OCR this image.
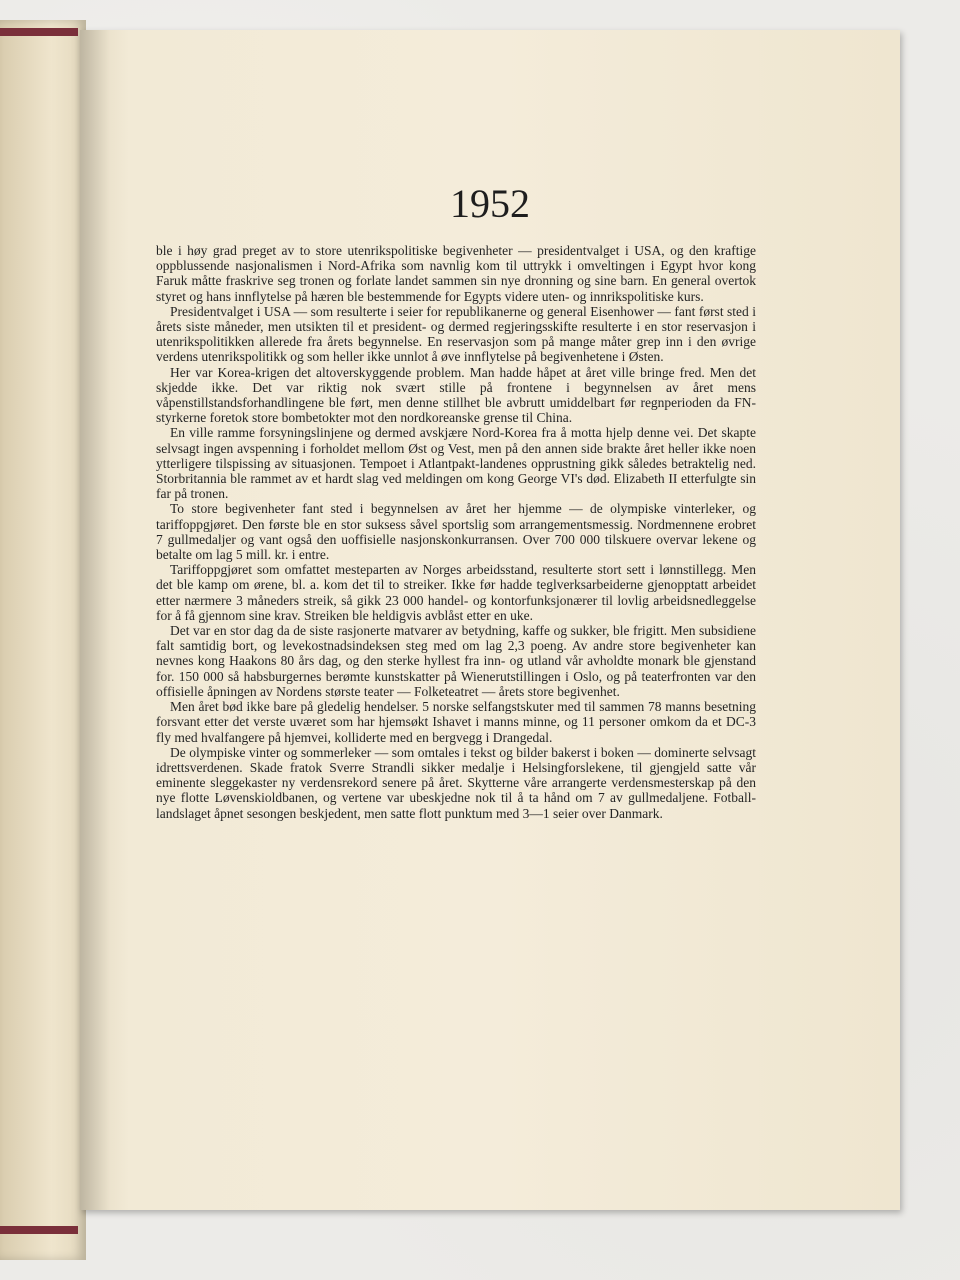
1952

ble i høy grad preget av to store utenrikspolitiske begivenheter — presidentvalget i USA, og den kraftige oppblussende nasjonalismen i Nord-Afrika som navnlig kom til uttrykk i omveltingen i Egypt hvor kong Faruk måtte fraskrive seg tronen og forlate landet sammen sin nye dronning og sine barn. En general overtok styret og hans innflytelse på hæren ble bestemmende for Egypts videre uten- og innrikspolitiske kurs.

Presidentvalget i USA — som resulterte i seier for republikanerne og general Eisenhower — fant først sted i årets siste måneder, men utsikten til et president- og dermed regjeringsskifte resulterte i en stor reservasjon i utenrikspolitikken allerede fra årets begynnelse. En reservasjon som på mange måter grep inn i den øvrige verdens utenrikspolitikk og som heller ikke unnlot å øve innflytelse på begivenhetene i Østen.

Her var Korea-krigen det altoverskyggende problem. Man hadde håpet at året ville bringe fred. Men det skjedde ikke. Det var riktig nok svært stille på frontene i begynnelsen av året mens våpenstillstandsforhandlingene ble ført, men denne stillhet ble avbrutt umiddelbart før regnperioden da FN-styrkerne foretok store bombetokter mot den nordkoreanske grense til China.

En ville ramme forsyningslinjene og dermed avskjære Nord-Korea fra å motta hjelp denne vei. Det skapte selvsagt ingen avspenning i forholdet mellom Øst og Vest, men på den annen side brakte året heller ikke noen ytterligere tilspissing av situasjonen. Tempoet i Atlantpakt-landenes opprustning gikk således betraktelig ned. Storbritannia ble rammet av et hardt slag ved meldingen om kong George VI's død. Elizabeth II etterfulgte sin far på tronen.

To store begivenheter fant sted i begynnelsen av året her hjemme — de olympiske vinterleker, og tariffoppgjøret. Den første ble en stor suksess såvel sportslig som arrangementsmessig. Nordmennene erobret 7 gullmedaljer og vant også den uoffisielle nasjonskonkurransen. Over 700 000 tilskuere overvar lekene og betalte om lag 5 mill. kr. i entre.

Tariffoppgjøret som omfattet mesteparten av Norges arbeidsstand, resulterte stort sett i lønnstillegg. Men det ble kamp om ørene, bl. a. kom det til to streiker. Ikke før hadde teglverksarbeiderne gjenopptatt arbeidet etter nærmere 3 måneders streik, så gikk 23 000 handel- og kontorfunksjonærer til lovlig arbeidsnedleggelse for å få gjennom sine krav. Streiken ble heldigvis avblåst etter en uke.

Det var en stor dag da de siste rasjonerte matvarer av betydning, kaffe og sukker, ble frigitt. Men subsidiene falt samtidig bort, og levekostnadsindeksen steg med om lag 2,3 poeng. Av andre store begivenheter kan nevnes kong Haakons 80 års dag, og den sterke hyllest fra inn- og utland vår avholdte monark ble gjenstand for. 150 000 så habsburgernes berømte kunstskatter på Wienerutstillingen i Oslo, og på teaterfronten var den offisielle åpningen av Nordens største teater — Folketeatret — årets store begivenhet.

Men året bød ikke bare på gledelig hendelser. 5 norske selfangstskuter med til sammen 78 manns besetning forsvant etter det verste uværet som har hjemsøkt Ishavet i manns minne, og 11 personer omkom da et DC-3 fly med hvalfangere på hjemvei, kolliderte med en bergvegg i Drangedal.

De olympiske vinter og sommerleker — som omtales i tekst og bilder bakerst i boken — dominerte selvsagt idrettsverdenen. Skade fratok Sverre Strandli sikker medalje i Helsingforslekene, til gjengjeld satte vår eminente sleggekaster ny verdensrekord senere på året. Skytterne våre arrangerte verdensmesterskap på den nye flotte Løvenskioldbanen, og vertene var ubeskjedne nok til å ta hånd om 7 av gullmedaljene. Fotball-landslaget åpnet sesongen beskjedent, men satte flott punktum med 3—1 seier over Danmark.
